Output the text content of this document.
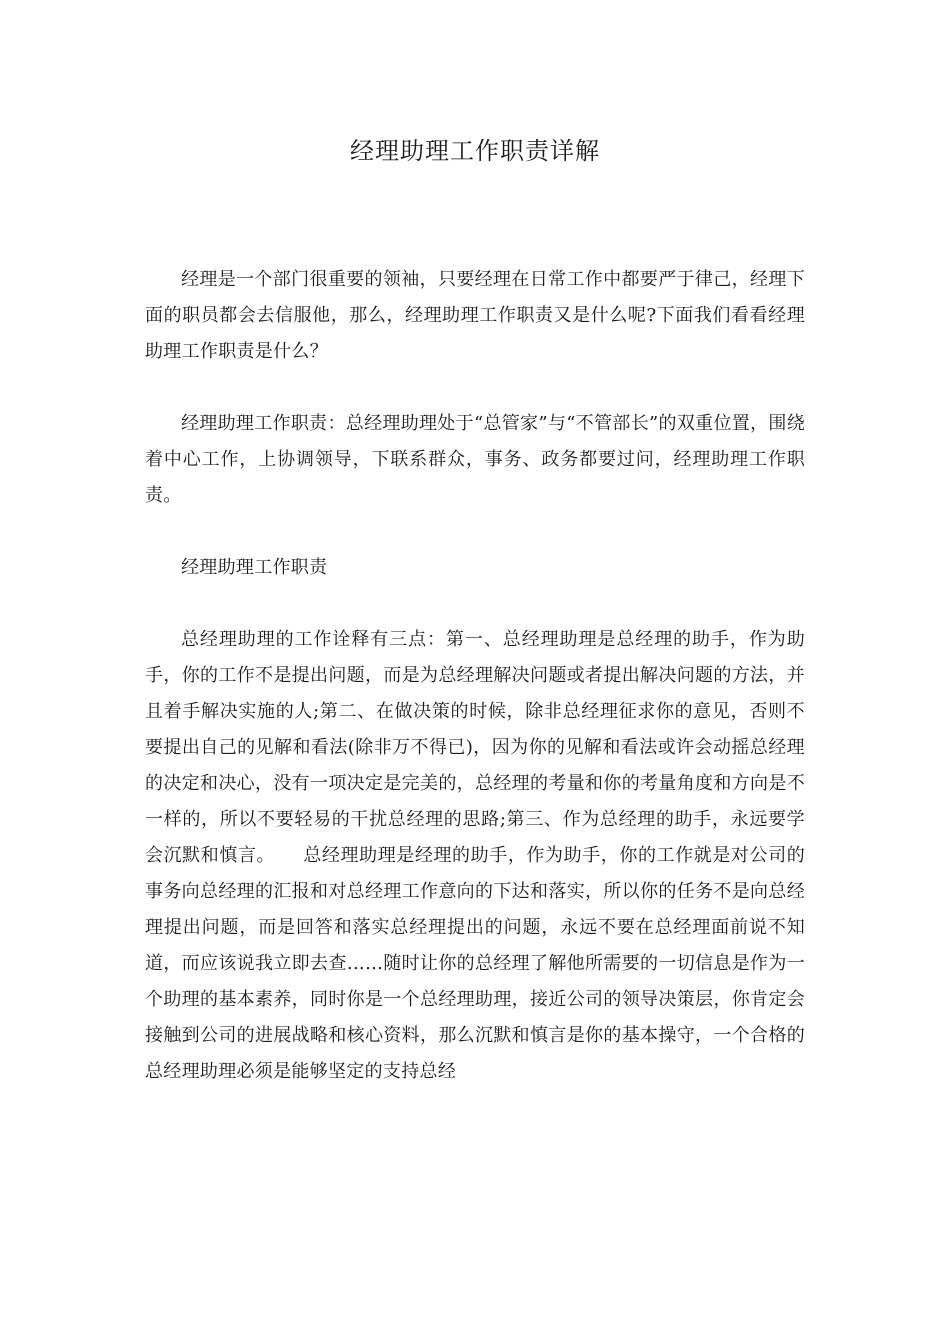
经理助理工作职责详解

经理是一个部门很重要的领袖，只要经理在日常工作中都要严于律己，经理下面的职员都会去信服他，那么，经理助理工作职责又是什么呢?下面我们看看经理助理工作职责是什么？

经理助理工作职责：总经理助理处于“总管家”与“不管部长”的双重位置，围绕着中心工作，上协调领导，下联系群众，事务、政务都要过问，经理助理工作职责。

经理助理工作职责

总经理助理的工作诠释有三点：第一、总经理助理是总经理的助手，作为助手，你的工作不是提出问题，而是为总经理解决问题或者提出解决问题的方法，并且着手解决实施的人;第二、在做决策的时候，除非总经理征求你的意见，否则不要提出自己的见解和看法(除非万不得已)，因为你的见解和看法或许会动摇总经理的决定和决心，没有一项决定是完美的，总经理的考量和你的考量角度和方向是不一样的，所以不要轻易的干扰总经理的思路;第三、作为总经理的助手，永远要学会沉默和慎言。　　总经理助理是经理的助手，作为助手，你的工作就是对公司的事务向总经理的汇报和对总经理工作意向的下达和落实，所以你的任务不是向总经理提出问题，而是回答和落实总经理提出的问题，永远不要在总经理面前说不知道，而应该说我立即去查……随时让你的总经理了解他所需要的一切信息是作为一个助理的基本素养，同时你是一个总经理助理，接近公司的领导决策层，你肯定会接触到公司的进展战略和核心资料，那么沉默和慎言是你的基本操守，一个合格的总经理助理必须是能够坚定的支持总经
